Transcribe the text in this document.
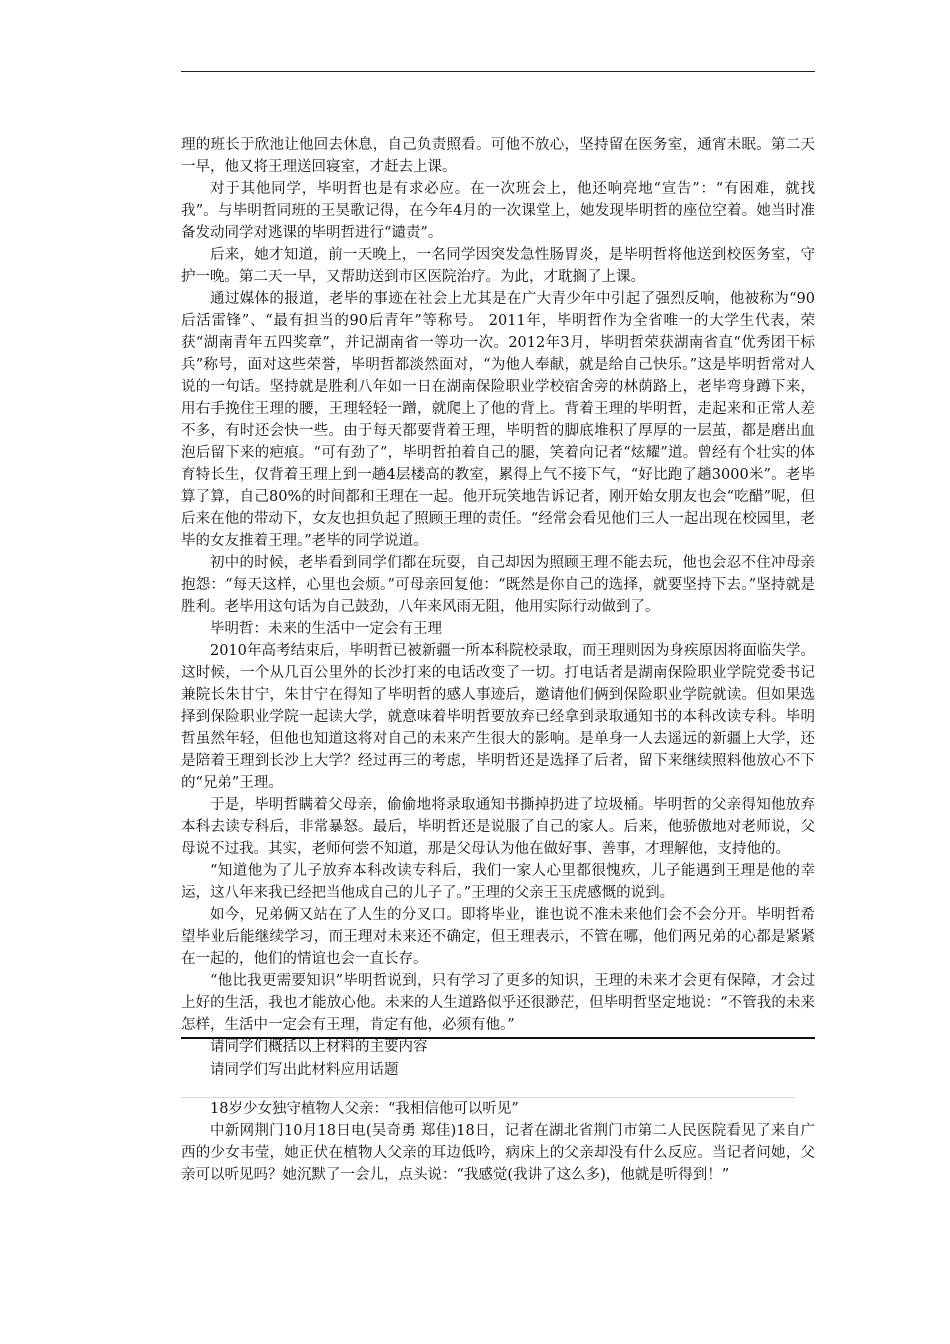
理的班长于欣池让他回去休息，自己负责照看。可他不放心，坚持留在医务室，通宵未眠。第二天一早，他又将王理送回寝室，才赶去上课。

对于其他同学，毕明哲也是有求必应。在一次班会上，他还响亮地“宣告”：“有困难，就找我”。与毕明哲同班的王昊歌记得，在今年4月的一次课堂上，她发现毕明哲的座位空着。她当时准备发动同学对逃课的毕明哲进行“谴责”。

后来，她才知道，前一天晚上，一名同学因突发急性肠胃炎，是毕明哲将他送到校医务室，守护一晚。第二天一早，又帮助送到市区医院治疗。为此，才耽搁了上课。

通过媒体的报道，老毕的事迹在社会上尤其是在广大青少年中引起了强烈反响，他被称为“90后活雷锋”、“最有担当的90后青年”等称号。 2011年，毕明哲作为全省唯一的大学生代表，荣获“湖南青年五四奖章”，并记湖南省一等功一次。2012年3月，毕明哲荣获湖南省直“优秀团干标兵”称号，面对这些荣誉，毕明哲都淡然面对，“为他人奉献，就是给自己快乐。”这是毕明哲常对人说的一句话。坚持就是胜利八年如一日在湖南保险职业学校宿舍旁的林荫路上，老毕弯身蹲下来，用右手挽住王理的腰，王理轻轻一蹭，就爬上了他的背上。背着王理的毕明哲，走起来和正常人差不多，有时还会快一些。由于每天都要背着王理，毕明哲的脚底堆积了厚厚的一层茧，都是磨出血泡后留下来的疤痕。“可有劲了”，毕明哲拍着自己的腿，笑着向记者“炫耀”道。曾经有个壮实的体育特长生，仅背着王理上到一趟4层楼高的教室，累得上气不接下气，“好比跑了趟3000米”。老毕算了算，自己80%的时间都和王理在一起。他开玩笑地告诉记者，刚开始女朋友也会“吃醋”呢，但后来在他的带动下，女友也担负起了照顾王理的责任。“经常会看见他们三人一起出现在校园里，老毕的女友推着王理。”老毕的同学说道。

初中的时候，老毕看到同学们都在玩耍，自己却因为照顾王理不能去玩，他也会忍不住冲母亲抱怨：“每天这样，心里也会烦。”可母亲回复他：“既然是你自己的选择，就要坚持下去。”坚持就是胜利。老毕用这句话为自己鼓劲，八年来风雨无阻，他用实际行动做到了。

毕明哲：未来的生活中一定会有王理

2010年高考结束后，毕明哲已被新疆一所本科院校录取，而王理则因为身疾原因将面临失学。这时候，一个从几百公里外的长沙打来的电话改变了一切。打电话者是湖南保险职业学院党委书记兼院长朱甘宁，朱甘宁在得知了毕明哲的感人事迹后，邀请他们俩到保险职业学院就读。但如果选择到保险职业学院一起读大学，就意味着毕明哲要放弃已经拿到录取通知书的本科改读专科。毕明哲虽然年轻，但他也知道这将对自己的未来产生很大的影响。是单身一人去遥远的新疆上大学，还是陪着王理到长沙上大学？经过再三的考虑，毕明哲还是选择了后者，留下来继续照料他放心不下的“兄弟”王理。

于是，毕明哲瞒着父母亲，偷偷地将录取通知书撕掉扔进了垃圾桶。毕明哲的父亲得知他放弃本科去读专科后，非常暴怒。最后，毕明哲还是说服了自己的家人。后来，他骄傲地对老师说，父母说不过我。其实，老师何尝不知道，那是父母认为他在做好事、善事，才理解他，支持他的。

“知道他为了儿子放弃本科改读专科后，我们一家人心里都很愧疚，儿子能遇到王理是他的幸运，这八年来我已经把当他成自己的儿子了。”王理的父亲王玉虎感慨的说到。

如今，兄弟俩又站在了人生的分叉口。即将毕业，谁也说不准未来他们会不会分开。毕明哲希望毕业后能继续学习，而王理对未来还不确定，但王理表示，不管在哪，他们两兄弟的心都是紧紧在一起的，他们的情谊也会一直长存。

“他比我更需要知识”毕明哲说到，只有学习了更多的知识，王理的未来才会更有保障，才会过上好的生活，我也才能放心他。未来的人生道路似乎还很渺茫，但毕明哲坚定地说：“不管我的未来怎样，生活中一定会有王理，肯定有他，必须有他。”

请同学们概括以上材料的主要内容

请同学们写出此材料应用话题

18岁少女独守植物人父亲：“我相信他可以听见”

中新网荆门10月18日电(吴奇勇 郑佳)18日，记者在湖北省荆门市第二人民医院看见了来自广西的少女韦莹，她正伏在植物人父亲的耳边低吟，病床上的父亲却没有什么反应。当记者问她，父亲可以听见吗？她沉默了一会儿，点头说：“我感觉(我讲了这么多)，他就是听得到！”
